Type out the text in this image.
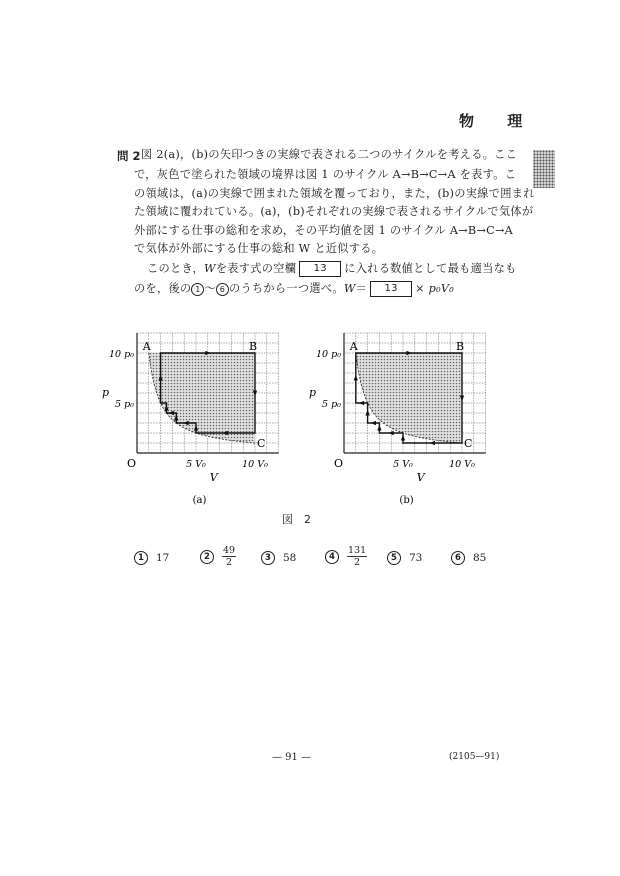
物 理
問 2 図 2(a)，(b)の矢印つきの実線で表される二つのサイクルを考える。ここ
で，灰色で塗られた領域の境界は図 1 のサイクル A→B→C→A を表す。こ
の領域は，(a)の実線で囲まれた領域を覆っており，また，(b)の実線で囲まれ
た領域に覆われている。(a)，(b)それぞれの実線で表されるサイクルで気体が
外部にする仕事の総和を求め，その平均値を図 1 のサイクル A→B→C→A
で気体が外部にする仕事の総和 W と近似する。
このとき，Wを表す式の空欄 13 に入れる数値として最も適当なも
のを，後の 1 ～ 6 のうちから一つ選べ。W＝ 13 × p₀V₀
A	B
C
10 p₀
5 p₀
5 V₀	10 V₀
p
V
O
(a)
A	B
C
10 p₀
5 p₀
5 V₀	10 V₀
p
V
O
(b)
図　2
1	17	2	$\frac{49}{2}$	3	58	4	$\frac{131}{2}$	5	73	6	85
— 91 —	(2105—91)
